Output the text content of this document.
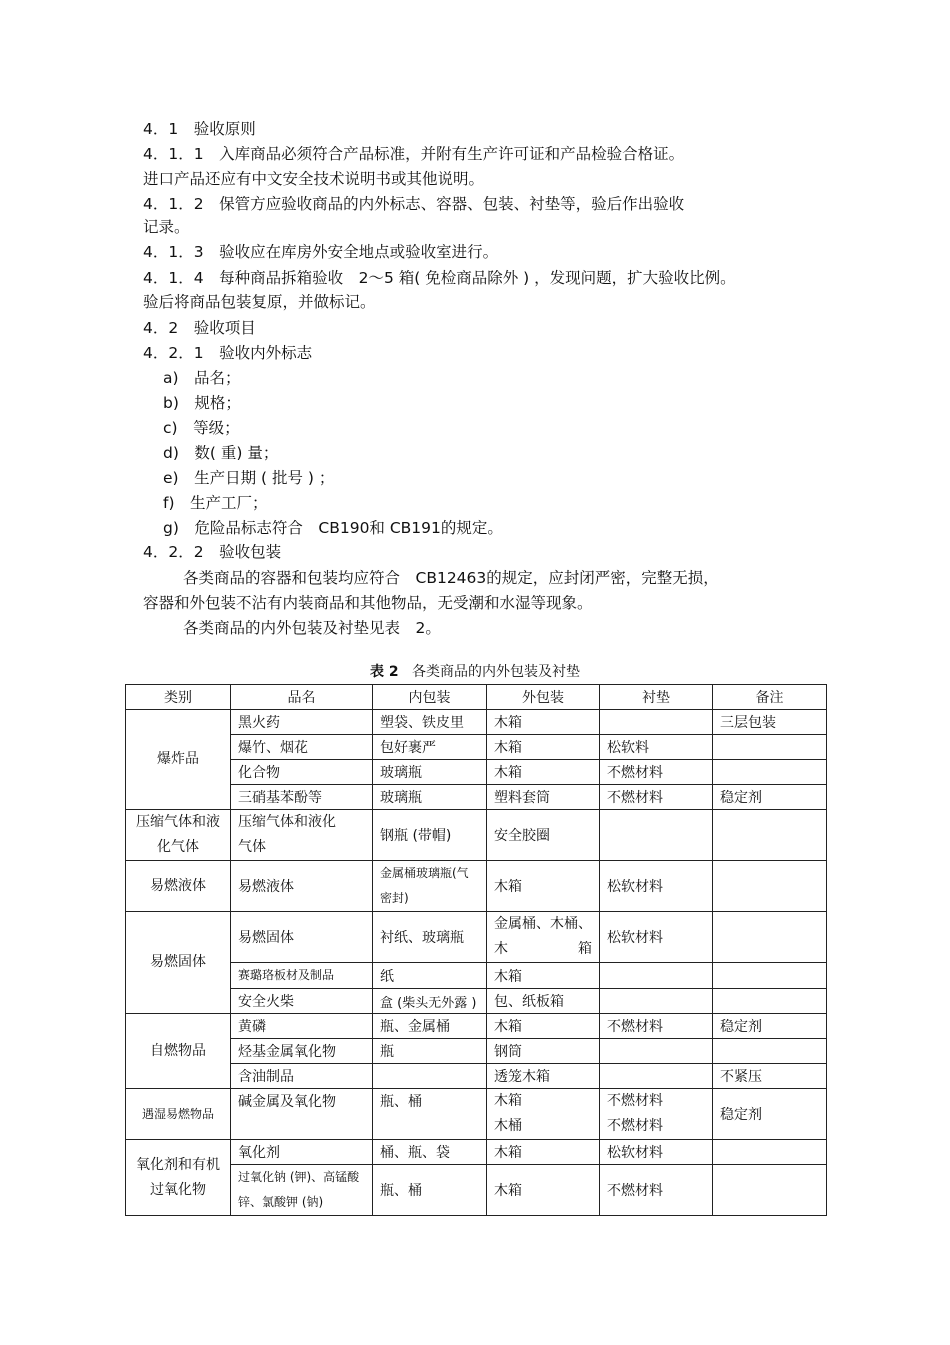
4．1　验收原则
4．1．1　入库商品必须符合产品标准，并附有生产许可证和产品检验合格证。
进口产品还应有中文安全技术说明书或其他说明。
4．1．2　保管方应验收商品的内外标志、容器、包装、衬垫等，验后作出验收
记录。
4．1．3　验收应在库房外安全地点或验收室进行。
4．1．4　每种商品拆箱验收　2～5 箱( 免检商品除外 ) ，发现问题，扩大验收比例。
验后将商品包装复原，并做标记。
4．2　验收项目
4．2．1　验收内外标志
a)　品名；
b)　规格；
c)　等级；
d)　数( 重) 量；
e)　生产日期 ( 批号 ) ；
f)　生产工厂；
g)　危险品标志符合　CB190和 CB191的规定。
4．2．2　验收包装
各类商品的容器和包装均应符合　CB12463的规定，应封闭严密，完整无损，
容器和外包装不沾有内装商品和其他物品，无受潮和水湿等现象。
各类商品的内外包装及衬垫见表　2。
表 2 各类商品的内外包装及衬垫
类别	品名	内包装	外包装	衬垫	备注
爆炸品	黑火药	塑袋、铁皮里	木箱		三层包装
	爆竹、烟花	包好裹严	木箱	松软料	
	化合物	玻璃瓶	木箱	不燃材料	
	三硝基苯酚等	玻璃瓶	塑料套筒	不燃材料	稳定剂
压缩气体和液化气体	压缩气体和液化气体	钢瓶 (带帽)	安全胶圈		
易燃液体	易燃液体	金属桶玻璃瓶(气密封)	木箱	松软材料	
易燃固体	易燃固体	衬纸、玻璃瓶	金属桶、木桶、木箱	松软材料	
	赛璐珞板材及制品	纸	木箱		
	安全火柴	盒 (柴头无外露 )	包、纸板箱		
自燃物品	黄磷	瓶、金属桶	木箱	不燃材料	稳定剂
	烃基金属氧化物	瓶	钢筒		
	含油制品		透笼木箱		不紧压
遇湿易燃物品	碱金属及氧化物	瓶、桶	木箱木桶	不燃材料不燃材料	稳定剂
氧化剂和有机过氧化物	氧化剂	桶、瓶、袋	木箱	松软材料	
	过氧化钠 (钾)、高锰酸锌、氯酸钾 (钠)	瓶、桶	木箱	不燃材料	
